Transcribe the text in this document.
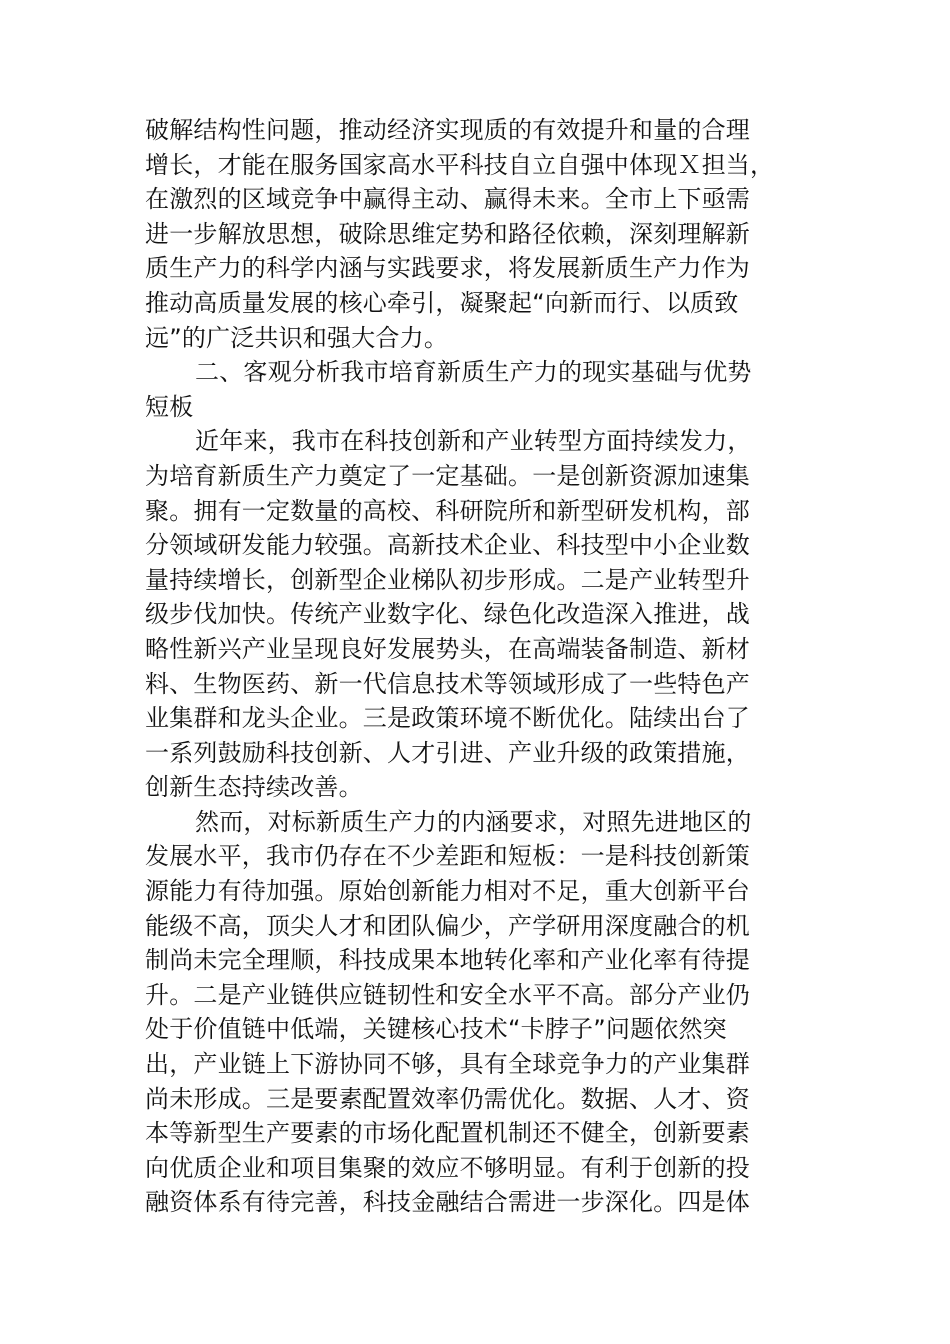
破解结构性问题，推动经济实现质的有效提升和量的合理
增长，才能在服务国家高水平科技自立自强中体现Ｘ担当，
在激烈的区域竞争中赢得主动、赢得未来。全市上下亟需
进一步解放思想，破除思维定势和路径依赖，深刻理解新
质生产力的科学内涵与实践要求，将发展新质生产力作为
推动高质量发展的核心牵引，凝聚起“向新而行、以质致
远”的广泛共识和强大合力。
二、客观分析我市培育新质生产力的现实基础与优势
短板
近年来，我市在科技创新和产业转型方面持续发力，
为培育新质生产力奠定了一定基础。一是创新资源加速集
聚。拥有一定数量的高校、科研院所和新型研发机构，部
分领域研发能力较强。高新技术企业、科技型中小企业数
量持续增长，创新型企业梯队初步形成。二是产业转型升
级步伐加快。传统产业数字化、绿色化改造深入推进，战
略性新兴产业呈现良好发展势头，在高端装备制造、新材
料、生物医药、新一代信息技术等领域形成了一些特色产
业集群和龙头企业。三是政策环境不断优化。陆续出台了
一系列鼓励科技创新、人才引进、产业升级的政策措施，
创新生态持续改善。
然而，对标新质生产力的内涵要求，对照先进地区的
发展水平，我市仍存在不少差距和短板：一是科技创新策
源能力有待加强。原始创新能力相对不足，重大创新平台
能级不高，顶尖人才和团队偏少，产学研用深度融合的机
制尚未完全理顺，科技成果本地转化率和产业化率有待提
升。二是产业链供应链韧性和安全水平不高。部分产业仍
处于价值链中低端，关键核心技术“卡脖子”问题依然突
出，产业链上下游协同不够，具有全球竞争力的产业集群
尚未形成。三是要素配置效率仍需优化。数据、人才、资
本等新型生产要素的市场化配置机制还不健全，创新要素
向优质企业和项目集聚的效应不够明显。有利于创新的投
融资体系有待完善，科技金融结合需进一步深化。四是体
